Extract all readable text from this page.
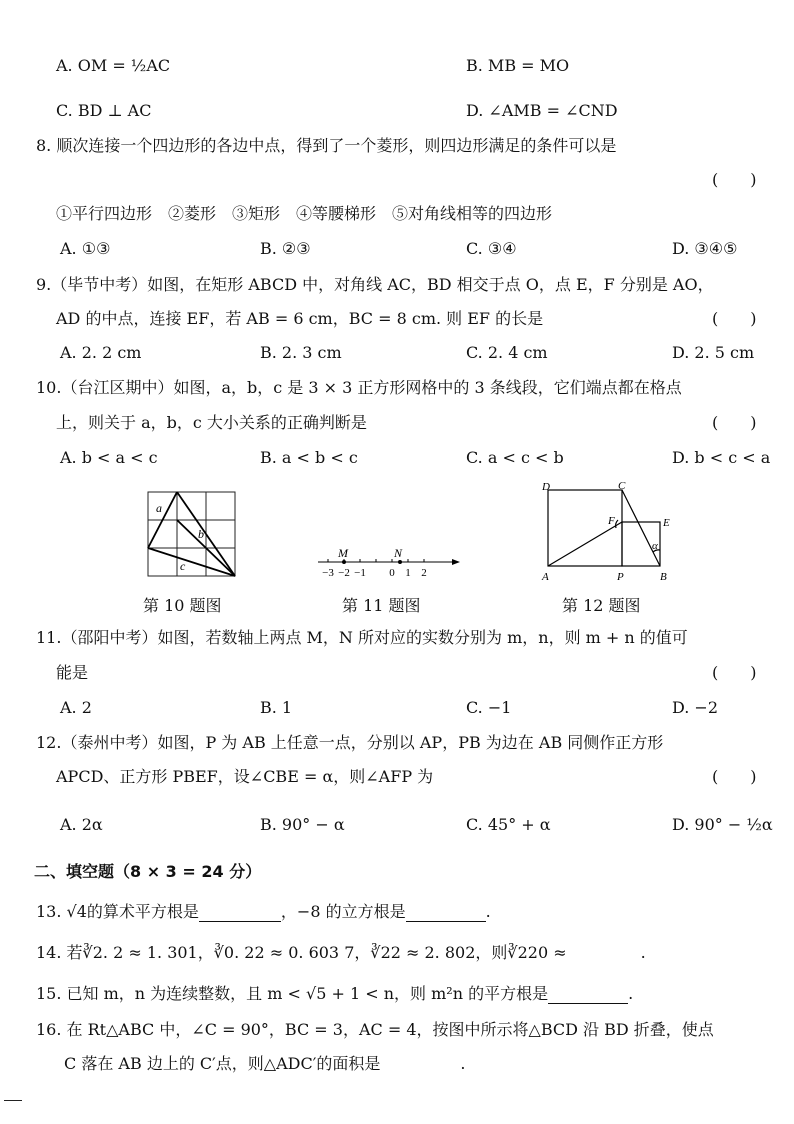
A. OM = ½AC	B. MB = MO
C. BD ⊥ AC	D. ∠AMB = ∠CND
8. 顺次连接一个四边形的各边中点，得到了一个菱形，则四边形满足的条件可以是
(　　)
①平行四边形　②菱形　③矩形　④等腰梯形　⑤对角线相等的四边形
A. ①③	B. ②③	C. ③④	D. ③④⑤
9.（毕节中考）如图，在矩形 ABCD 中，对角线 AC，BD 相交于点 O，点 E，F 分别是 AO，
AD 的中点，连接 EF，若 AB = 6 cm，BC = 8 cm. 则 EF 的长是	(　　)
A. 2. 2 cm	B. 2. 3 cm	C. 2. 4 cm	D. 2. 5 cm
10.（台江区期中）如图，a，b，c 是 3 × 3 正方形网格中的 3 条线段，它们端点都在格点
上，则关于 a，b，c 大小关系的正确判断是	(　　)
A. b < a < c	B. a < b < c	C. a < c < b	D. b < c < a
a
b
c
第 10 题图
M	N
−3 −2 −1 0 1 2
第 11 题图
D	C
E
F
α
A	P	B
第 12 题图
11.（邵阳中考）如图，若数轴上两点 M，N 所对应的实数分别为 m，n，则 m + n 的值可
能是	(　　)
A. 2	B. 1	C. −1	D. −2
12.（泰州中考）如图，P 为 AB 上任意一点，分别以 AP，PB 为边在 AB 同侧作正方形
APCD、正方形 PBEF，设∠CBE = α，则∠AFP 为	(　　)
A. 2α	B. 90° − α	C. 45° + α	D. 90° − ½α
二、填空题（8 × 3 = 24 分）
13. √4的算术平方根是	，−8 的立方根是	.
14. 若∛2. 2 ≈ 1. 301，∛0. 22 ≈ 0. 603 7，∛22 ≈ 2. 802，则∛220 ≈	.
15. 已知 m，n 为连续整数，且 m < √5 + 1 < n，则 m²n 的平方根是	.
16. 在 Rt△ABC 中，∠C = 90°，BC = 3，AC = 4，按图中所示将△BCD 沿 BD 折叠，使点
C 落在 AB 边上的 C′点，则△ADC′的面积是	.
